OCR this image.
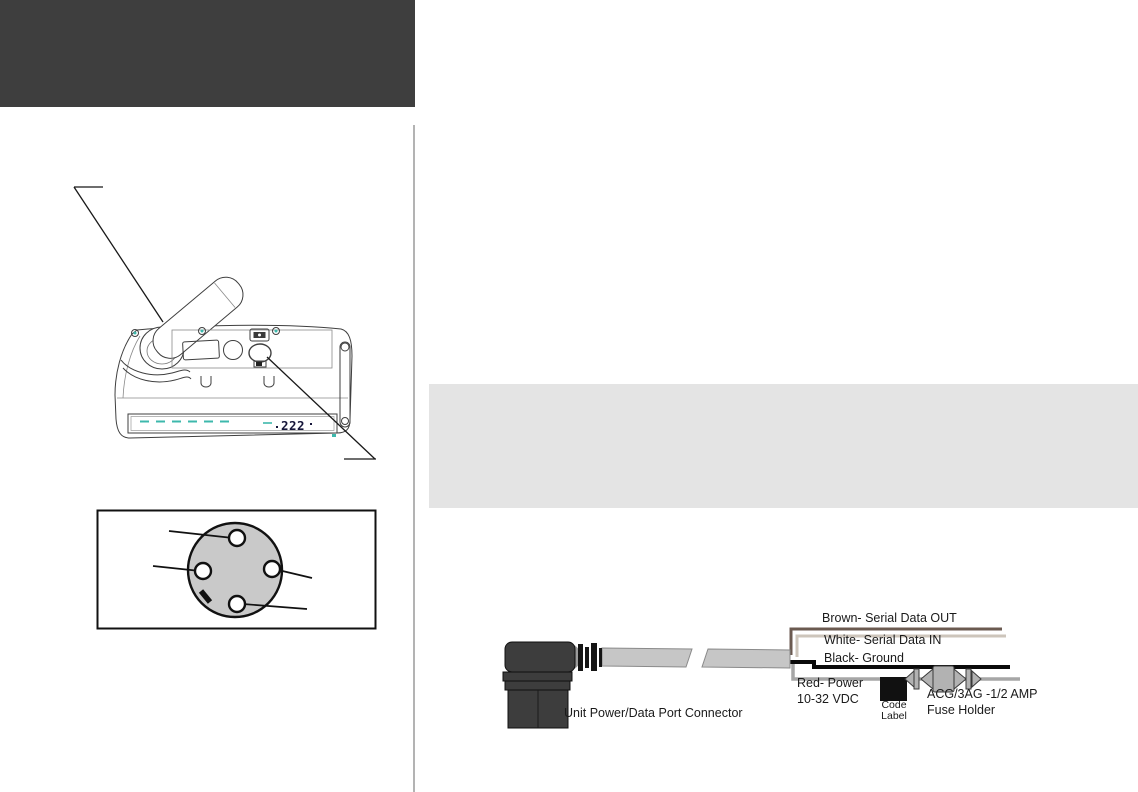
222
Brown- Serial Data OUT
White- Serial Data IN
Black- Ground
Red- Power
10-32 VDC	Code
Label
ACG/3AG -1/2 AMP
Fuse Holder
Unit Power/Data Port Connector
